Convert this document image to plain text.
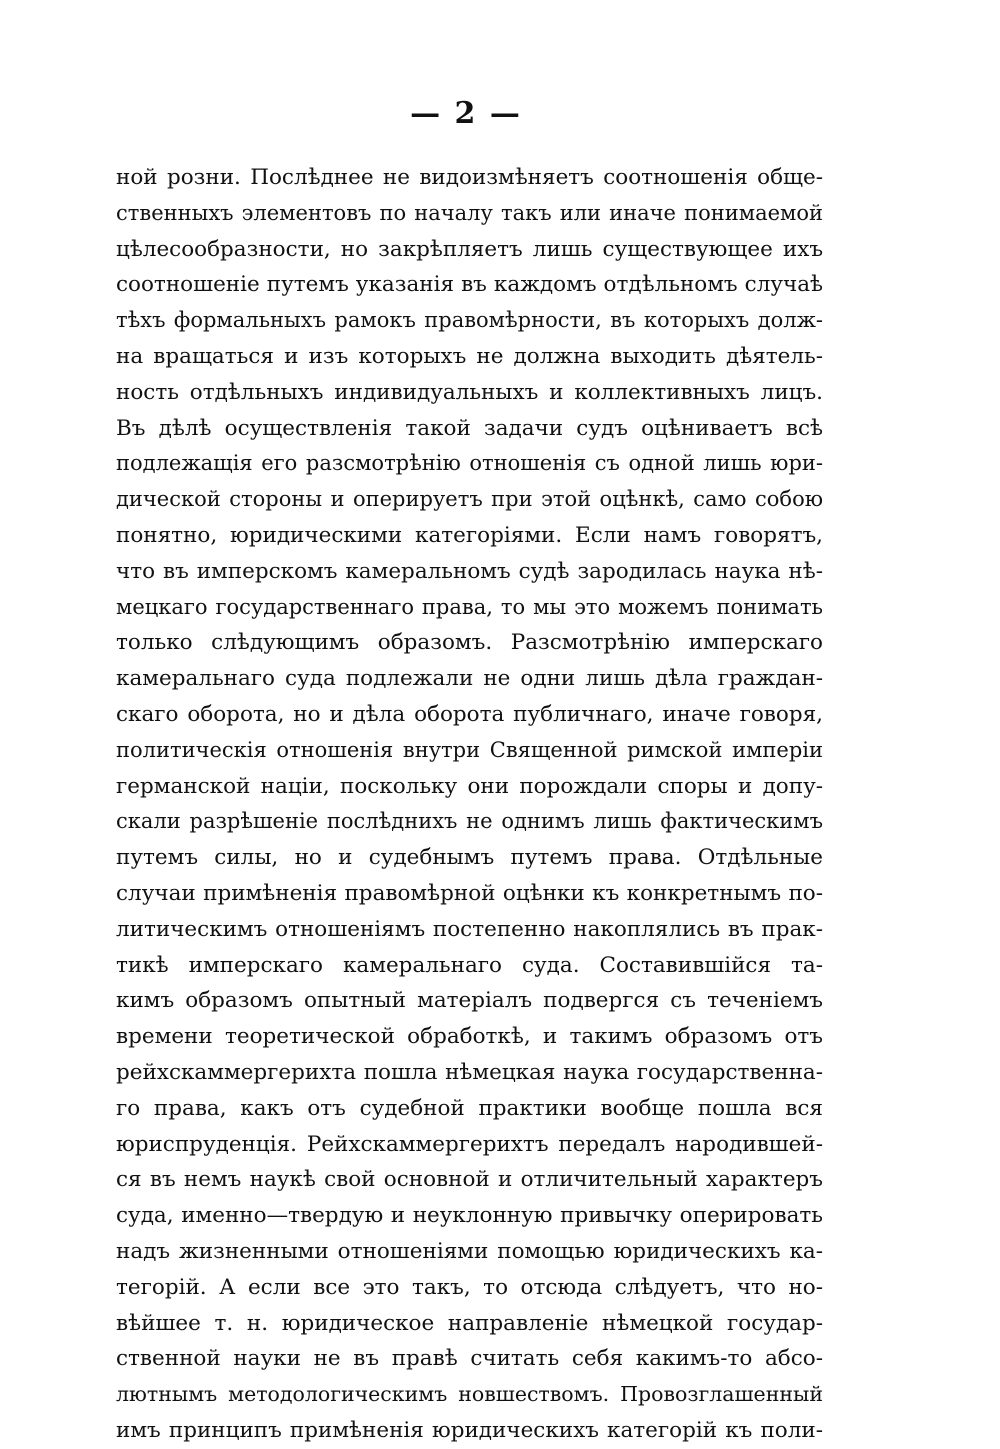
— 2 —
ной розни. Послѣднее не видоизмѣняетъ соотношенія обще-
ственныхъ элементовъ по началу такъ или иначе понимаемой
цѣлесообразности, но закрѣпляетъ лишь существующее ихъ
соотношеніе путемъ указанія въ каждомъ отдѣльномъ случаѣ
тѣхъ формальныхъ рамокъ правомѣрности, въ которыхъ долж-
на вращаться и изъ которыхъ не должна выходить дѣятель-
ность отдѣльныхъ индивидуальныхъ и коллективныхъ лицъ.
Въ дѣлѣ осуществленія такой задачи судъ оцѣниваетъ всѣ
подлежащія его разсмотрѣнію отношенія съ одной лишь юри-
дической стороны и оперируетъ при этой оцѣнкѣ, само собою
понятно, юридическими категоріями. Если намъ говорятъ,
что въ имперскомъ камеральномъ судѣ зародилась наука нѣ-
мецкаго государственнаго права, то мы это можемъ понимать
только слѣдующимъ образомъ. Разсмотрѣнію имперскаго
камеральнаго суда подлежали не одни лишь дѣла граждан-
скаго оборота, но и дѣла оборота публичнаго, иначе говоря,
политическія отношенія внутри Священной римской имперіи
германской націи, поскольку они порождали споры и допу-
скали разрѣшеніе послѣднихъ не однимъ лишь фактическимъ
путемъ силы, но и судебнымъ путемъ права. Отдѣльные
случаи примѣненія правомѣрной оцѣнки къ конкретнымъ по-
литическимъ отношеніямъ постепенно накоплялись въ прак-
тикѣ имперскаго камеральнаго суда. Составившійся та-
кимъ образомъ опытный матеріалъ подвергся съ теченіемъ
времени теоретической обработкѣ, и такимъ образомъ отъ
рейхскаммергерихта пошла нѣмецкая наука государственна-
го права, какъ отъ судебной практики вообще пошла вся
юриспруденція. Рейхскаммергерихтъ передалъ народившей-
ся въ немъ наукѣ свой основной и отличительный характеръ
суда, именно—твердую и неуклонную привычку оперировать
надъ жизненными отношеніями помощью юридическихъ ка-
тегорій. А если все это такъ, то отсюда слѣдуетъ, что но-
вѣйшее т. н. юридическое направленіе нѣмецкой государ-
ственной науки не въ правѣ считать себя какимъ-то абсо-
лютнымъ методологическимъ новшествомъ. Провозглашенный
имъ принципъ примѣненія юридическихъ категорій къ поли-
